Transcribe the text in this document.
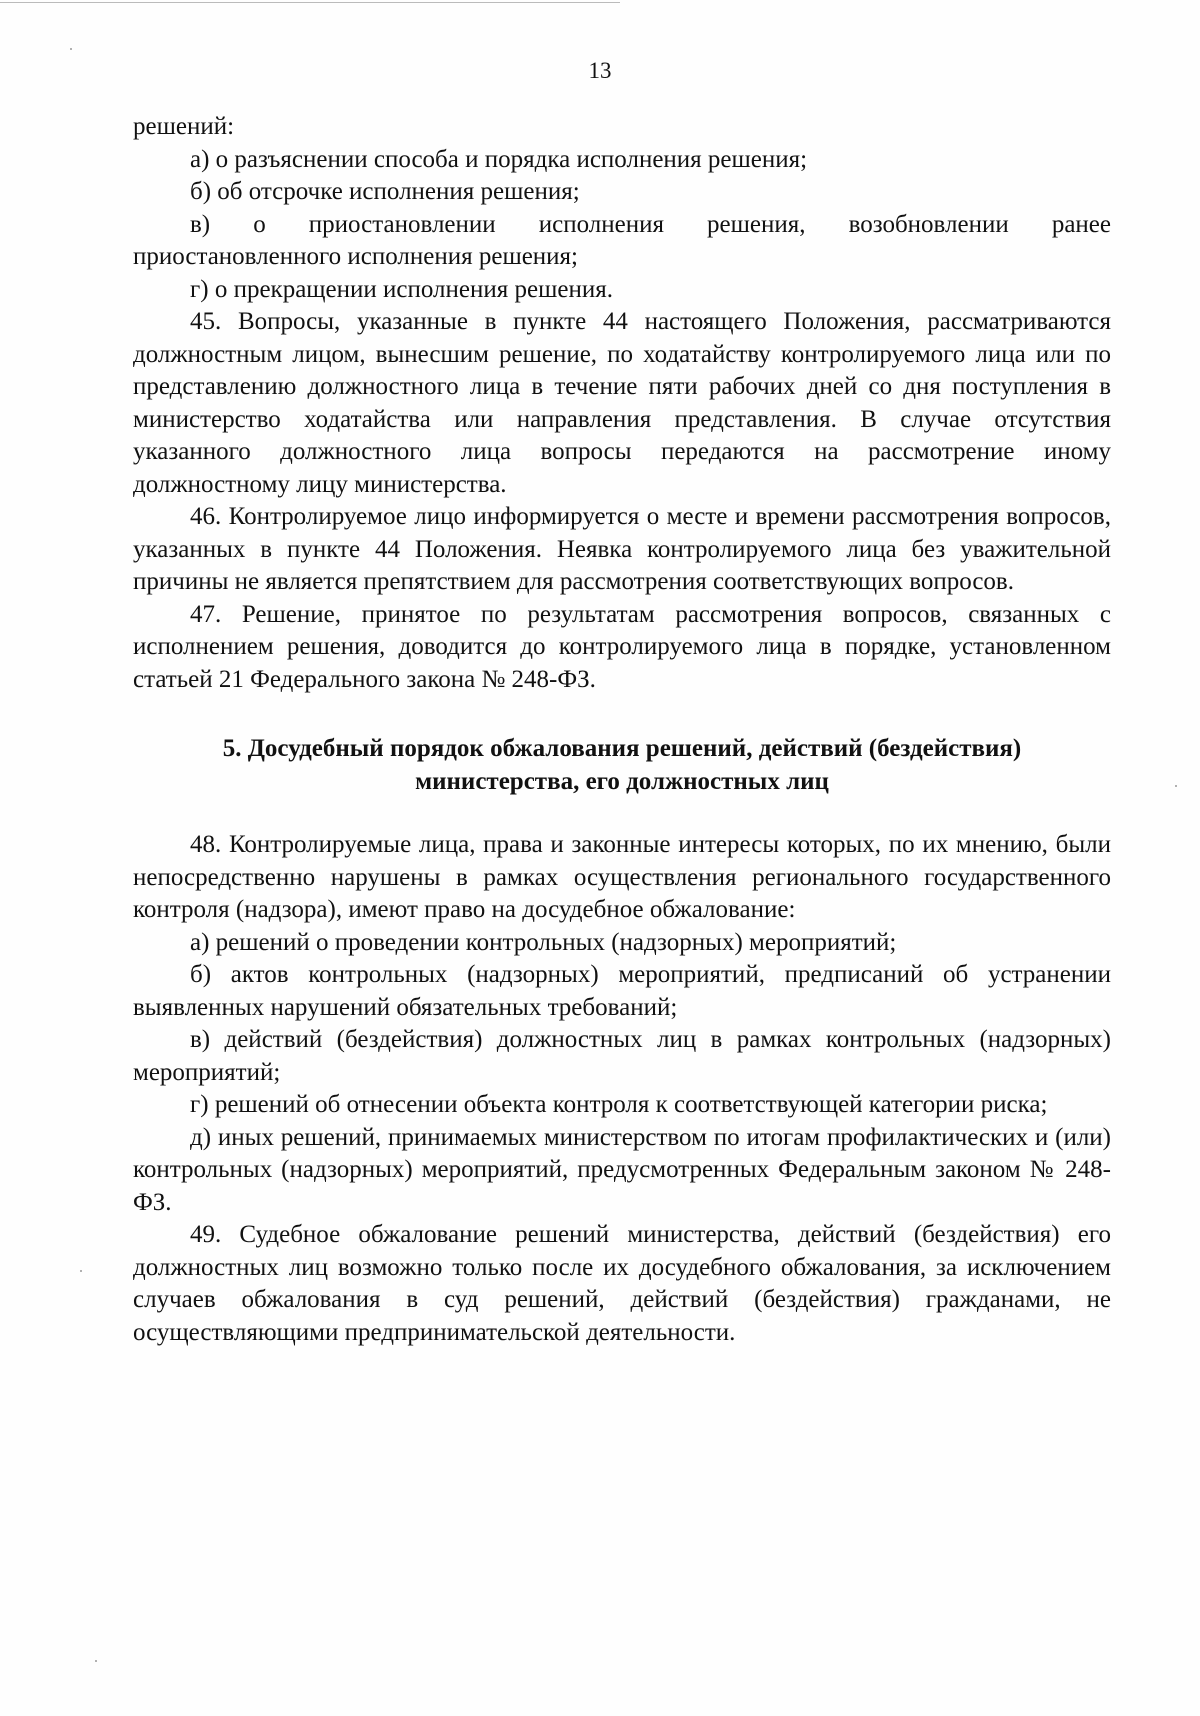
13

решений:

а) о разъяснении способа и порядка исполнения решения;

б) об отсрочке исполнения решения;

в) о приостановлении исполнения решения, возобновлении ранее

приостановленного исполнения решения;

г) о прекращении исполнения решения.

45. Вопросы, указанные в пункте 44 настоящего Положения, рассматриваются должностным лицом, вынесшим решение, по ходатайству контролируемого лица или по представлению должностного лица в течение пяти рабочих дней со дня поступления в министерство ходатайства или направления представления. В случае отсутствия указанного должностного лица вопросы передаются на рассмотрение иному должностному лицу министерства.

46. Контролируемое лицо информируется о месте и времени рассмотрения вопросов, указанных в пункте 44 Положения. Неявка контролируемого лица без уважительной причины не является препятствием для рассмотрения соответствующих вопросов.

47. Решение, принятое по результатам рассмотрения вопросов, связанных с исполнением решения, доводится до контролируемого лица в порядке, установленном статьей 21 Федерального закона № 248-ФЗ.

5. Досудебный порядок обжалования решений, действий (бездействия)

министерства, его должностных лиц

48. Контролируемые лица, права и законные интересы которых, по их мнению, были непосредственно нарушены в рамках осуществления регионального государственного контроля (надзора), имеют право на досудебное обжалование:

а) решений о проведении контрольных (надзорных) мероприятий;

б) актов контрольных (надзорных) мероприятий, предписаний об устранении выявленных нарушений обязательных требований;

в) действий (бездействия) должностных лиц в рамках контрольных (надзорных) мероприятий;

г) решений об отнесении объекта контроля к соответствующей категории риска;

д) иных решений, принимаемых министерством по итогам профилактических и (или) контрольных (надзорных) мероприятий, предусмотренных Федеральным законом № 248-ФЗ.

49. Судебное обжалование решений министерства, действий (бездействия) его должностных лиц возможно только после их досудебного обжалования, за исключением случаев обжалования в суд решений, действий (бездействия) гражданами, не осуществляющими предпринимательской деятельности.
